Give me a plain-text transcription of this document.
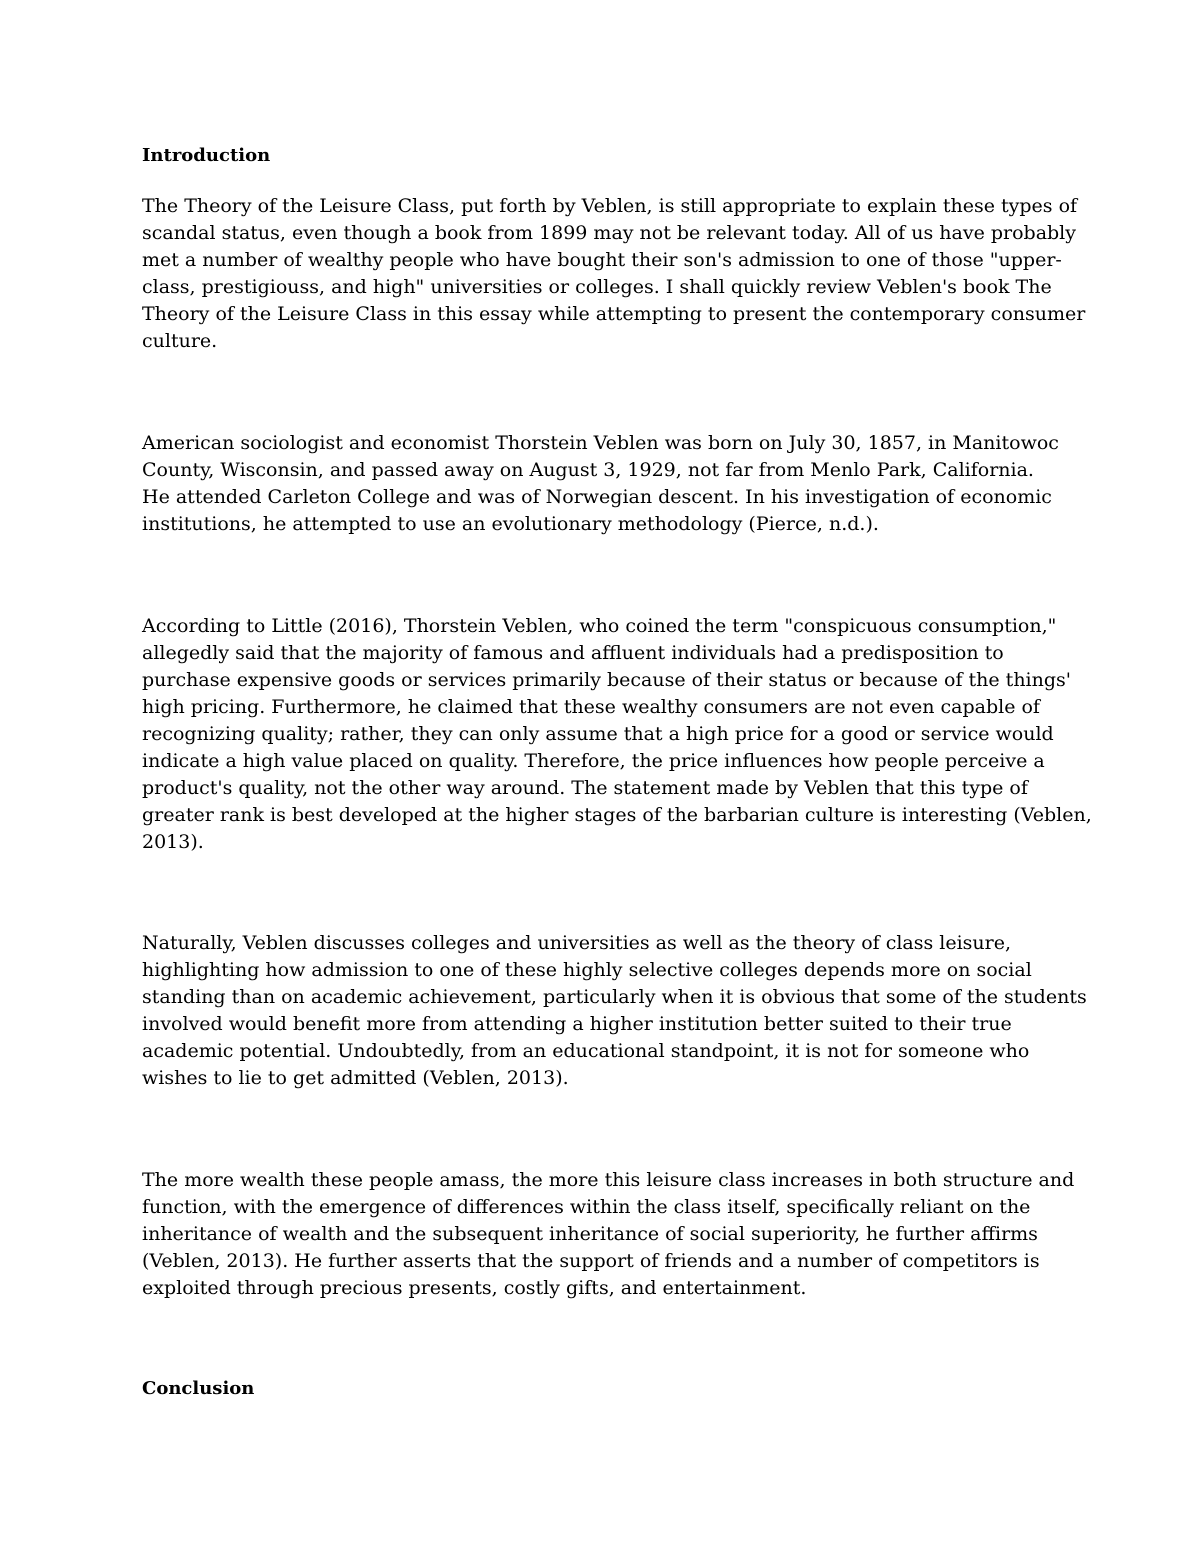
Introduction

The Theory of the Leisure Class, put forth by Veblen, is still appropriate to explain these types of
scandal status, even though a book from 1899 may not be relevant today. All of us have probably
met a number of wealthy people who have bought their son's admission to one of those "upper-
class, prestigiouss, and high" universities or colleges. I shall quickly review Veblen's book The
Theory of the Leisure Class in this essay while attempting to present the contemporary consumer
culture.

American sociologist and economist Thorstein Veblen was born on July 30, 1857, in Manitowoc
County, Wisconsin, and passed away on August 3, 1929, not far from Menlo Park, California.
He attended Carleton College and was of Norwegian descent. In his investigation of economic
institutions, he attempted to use an evolutionary methodology (Pierce, n.d.).

According to Little (2016), Thorstein Veblen, who coined the term "conspicuous consumption,"
allegedly said that the majority of famous and affluent individuals had a predisposition to
purchase expensive goods or services primarily because of their status or because of the things'
high pricing. Furthermore, he claimed that these wealthy consumers are not even capable of
recognizing quality; rather, they can only assume that a high price for a good or service would
indicate a high value placed on quality. Therefore, the price influences how people perceive a
product's quality, not the other way around. The statement made by Veblen that this type of
greater rank is best developed at the higher stages of the barbarian culture is interesting (Veblen,
2013).

Naturally, Veblen discusses colleges and universities as well as the theory of class leisure,
highlighting how admission to one of these highly selective colleges depends more on social
standing than on academic achievement, particularly when it is obvious that some of the students
involved would benefit more from attending a higher institution better suited to their true
academic potential. Undoubtedly, from an educational standpoint, it is not for someone who
wishes to lie to get admitted (Veblen, 2013).

The more wealth these people amass, the more this leisure class increases in both structure and
function, with the emergence of differences within the class itself, specifically reliant on the
inheritance of wealth and the subsequent inheritance of social superiority, he further affirms
(Veblen, 2013). He further asserts that the support of friends and a number of competitors is
exploited through precious presents, costly gifts, and entertainment.

Conclusion
